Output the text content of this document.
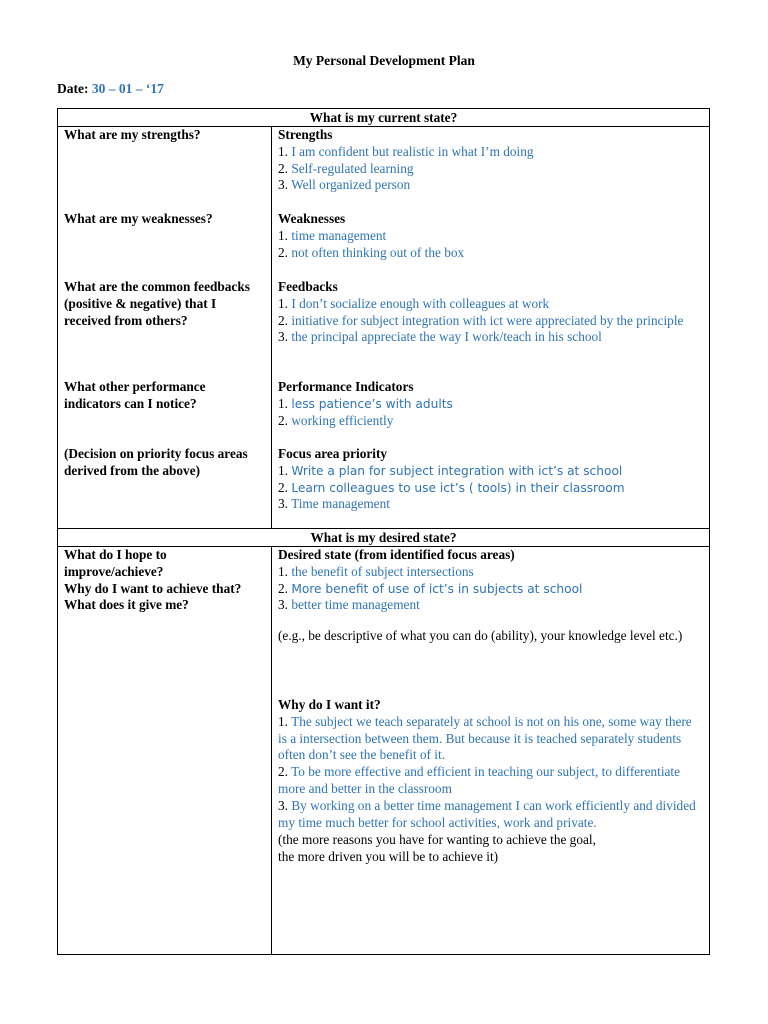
My Personal Development Plan
Date: 30 – 01 – ‘17
What is my current state?
What are my strengths?	Strengths
1. I am confident but realistic in what I’m doing
2. Self-regulated learning
3. Well organized person
What are my weaknesses?	Weaknesses
1. time management
2. not often thinking out of the box
What are the common feedbacks (positive & negative) that I received from others?
Feedbacks
1. I don’t socialize enough with colleagues at work
2. initiative for subject integration with ict were appreciated by the principle
3. the principal appreciate the way I work/teach in his school
What other performance indicators can I notice?
Performance Indicators
1. less patience’s with adults
2. working efficiently
(Decision on priority focus areas derived from the above)
Focus area priority
1. Write a plan for subject integration with ict’s at school
2. Learn colleagues to use ict’s ( tools) in their classroom
3. Time management
What is my desired state?
What do I hope to improve/achieve?
Why do I want to achieve that?
What does it give me?
Desired state (from identified focus areas)
1. the benefit of subject intersections
2. More benefit of use of ict’s in subjects at school
3. better time management
(e.g., be descriptive of what you can do (ability), your knowledge level etc.)
Why do I want it?
1. The subject we teach separately at school is not on his one, some way there is a intersection between them. But because it is teached separately students often don’t see the benefit of it.
2. To be more effective and efficient in teaching our subject, to differentiate more and better in the classroom
3. By working on a better time management I can work efficiently and divided my time much better for school activities, work and private.
(the more reasons you have for wanting to achieve the goal,
the more driven you will be to achieve it)
